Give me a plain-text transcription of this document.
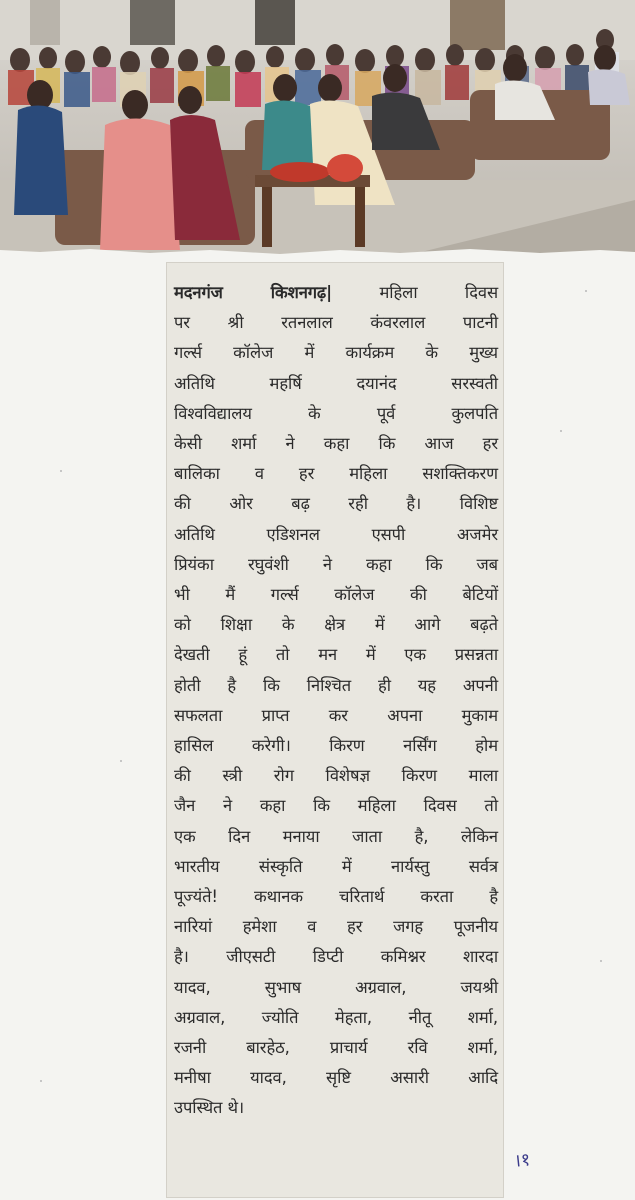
मदनगंज किशनगढ़| महिला दिवस
पर श्री रतनलाल कंवरलाल पाटनी
गर्ल्स कॉलेज में कार्यक्रम के मुख्य
अतिथि महर्षि दयानंद सरस्वती
विश्वविद्यालय के पूर्व कुलपति
केसी शर्मा ने कहा कि आज हर
बालिका व हर महिला सशक्तिकरण
की ओर बढ़ रही है। विशिष्ट
अतिथि एडिशनल एसपी अजमेर
प्रियंका रघुवंशी ने कहा कि जब
भी मैं गर्ल्स कॉलेज की बेटियों
को शिक्षा के क्षेत्र में आगे बढ़ते
देखती हूं तो मन में एक प्रसन्नता
होती है कि निश्चित ही यह अपनी
सफलता प्राप्त कर अपना मुकाम
हासिल करेगी। किरण नर्सिंग होम
की स्त्री रोग विशेषज्ञ किरण माला
जैन ने कहा कि महिला दिवस तो
एक दिन मनाया जाता है, लेकिन
भारतीय संस्कृति में नार्यस्तु सर्वत्र
पूज्यंते! कथानक चरितार्थ करता है
नारियां हमेशा व हर जगह पूजनीय
है। जीएसटी डिप्टी कमिश्नर शारदा
यादव, सुभाष अग्रवाल, जयश्री
अग्रवाल, ज्योति मेहता, नीतू शर्मा,
रजनी बारहेठ, प्राचार्य रवि शर्मा,
मनीषा यादव, सृष्टि असारी आदि
उपस्थित थे।
।१
